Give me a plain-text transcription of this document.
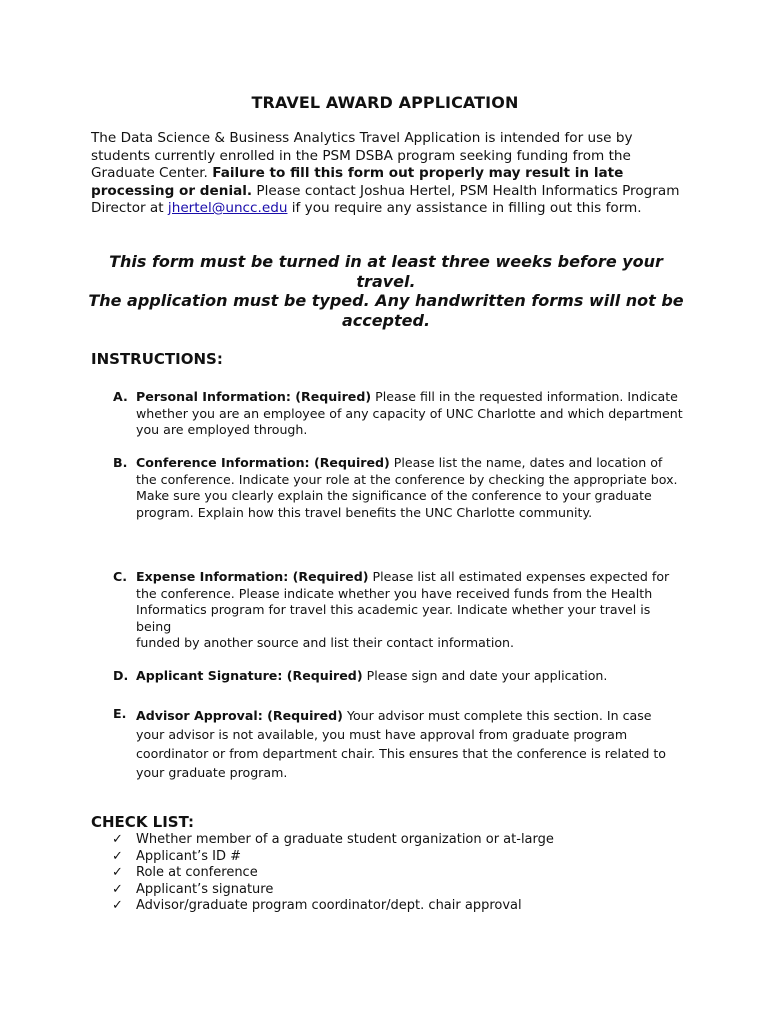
TRAVEL AWARD APPLICATION
The Data Science & Business Analytics Travel Application is intended for use by students currently enrolled in the PSM DSBA program seeking funding from the Graduate Center. Failure to fill this form out properly may result in late processing or denial. Please contact Joshua Hertel, PSM Health Informatics Program Director at jhertel@uncc.edu if you require any assistance in filling out this form.
This form must be turned in at least three weeks before your travel.
The application must be typed. Any handwritten forms will not be accepted.
INSTRUCTIONS:
A. Personal Information: (Required) Please fill in the requested information. Indicate whether you are an employee of any capacity of UNC Charlotte and which department you are employed through.
B. Conference Information: (Required) Please list the name, dates and location of the conference. Indicate your role at the conference by checking the appropriate box. Make sure you clearly explain the significance of the conference to your graduate program. Explain how this travel benefits the UNC Charlotte community.
C. Expense Information: (Required) Please list all estimated expenses expected for the conference. Please indicate whether you have received funds from the Health Informatics program for travel this academic year. Indicate whether your travel is being
funded by another source and list their contact information.
D. Applicant Signature: (Required) Please sign and date your application.
E. Advisor Approval: (Required) Your advisor must complete this section. In case your advisor is not available, you must have approval from graduate program coordinator or from department chair. This ensures that the conference is related to your graduate program.
CHECK LIST:
✓ Whether member of a graduate student organization or at-large
✓ Applicant’s ID #
✓ Role at conference
✓ Applicant’s signature
✓ Advisor/graduate program coordinator/dept. chair approval
